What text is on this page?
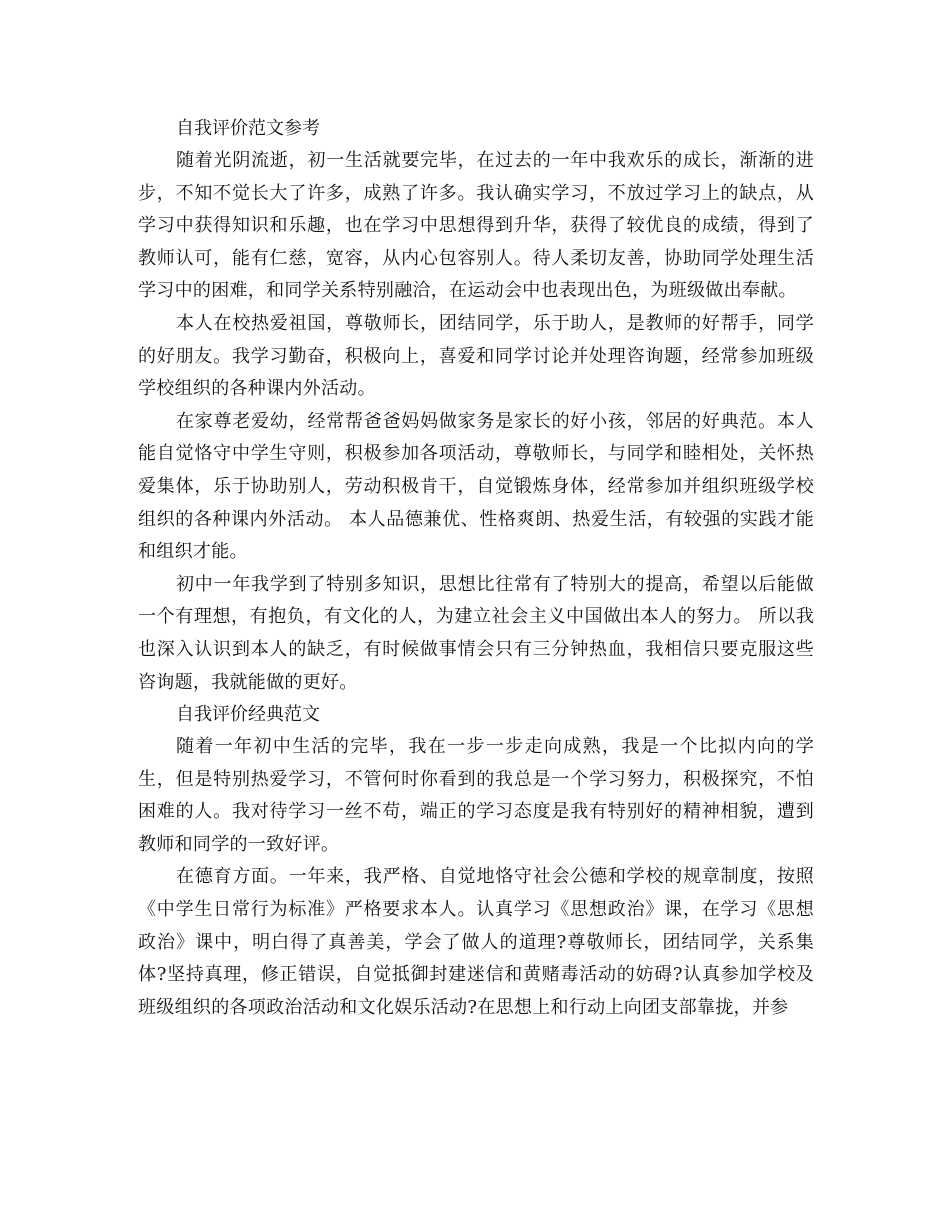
自我评价范文参考

随着光阴流逝，初一生活就要完毕，在过去的一年中我欢乐的成长，渐渐的进步，不知不觉长大了许多，成熟了许多。我认确实学习，不放过学习上的缺点，从学习中获得知识和乐趣，也在学习中思想得到升华，获得了较优良的成绩，得到了教师认可，能有仁慈，宽容，从内心包容别人。待人柔切友善，协助同学处理生活学习中的困难，和同学关系特别融洽，在运动会中也表现出色，为班级做出奉献。

本人在校热爱祖国，尊敬师长，团结同学，乐于助人，是教师的好帮手，同学的好朋友。我学习勤奋，积极向上，喜爱和同学讨论并处理咨询题，经常参加班级学校组织的各种课内外活动。

在家尊老爱幼，经常帮爸爸妈妈做家务是家长的好小孩，邻居的好典范。本人能自觉恪守中学生守则，积极参加各项活动，尊敬师长，与同学和睦相处，关怀热爱集体，乐于协助别人，劳动积极肯干，自觉锻炼身体，经常参加并组织班级学校组织的各种课内外活动。 本人品德兼优、性格爽朗、热爱生活，有较强的实践才能和组织才能。

初中一年我学到了特别多知识，思想比往常有了特别大的提高，希望以后能做一个有理想，有抱负，有文化的人，为建立社会主义中国做出本人的努力。 所以我也深入认识到本人的缺乏，有时候做事情会只有三分钟热血，我相信只要克服这些咨询题，我就能做的更好。

自我评价经典范文

随着一年初中生活的完毕，我在一步一步走向成熟，我是一个比拟内向的学生，但是特别热爱学习，不管何时你看到的我总是一个学习努力，积极探究，不怕困难的人。我对待学习一丝不苟，端正的学习态度是我有特别好的精神相貌，遭到教师和同学的一致好评。

在德育方面。一年来，我严格、自觉地恪守社会公德和学校的规章制度，按照《中学生日常行为标准》严格要求本人。认真学习《思想政治》课，在学习《思想政治》课中，明白得了真善美，学会了做人的道理?尊敬师长，团结同学，关系集体?坚持真理，修正错误，自觉抵御封建迷信和黄赌毒活动的妨碍?认真参加学校及班级组织的各项政治活动和文化娱乐活动?在思想上和行动上向团支部靠拢，并参
